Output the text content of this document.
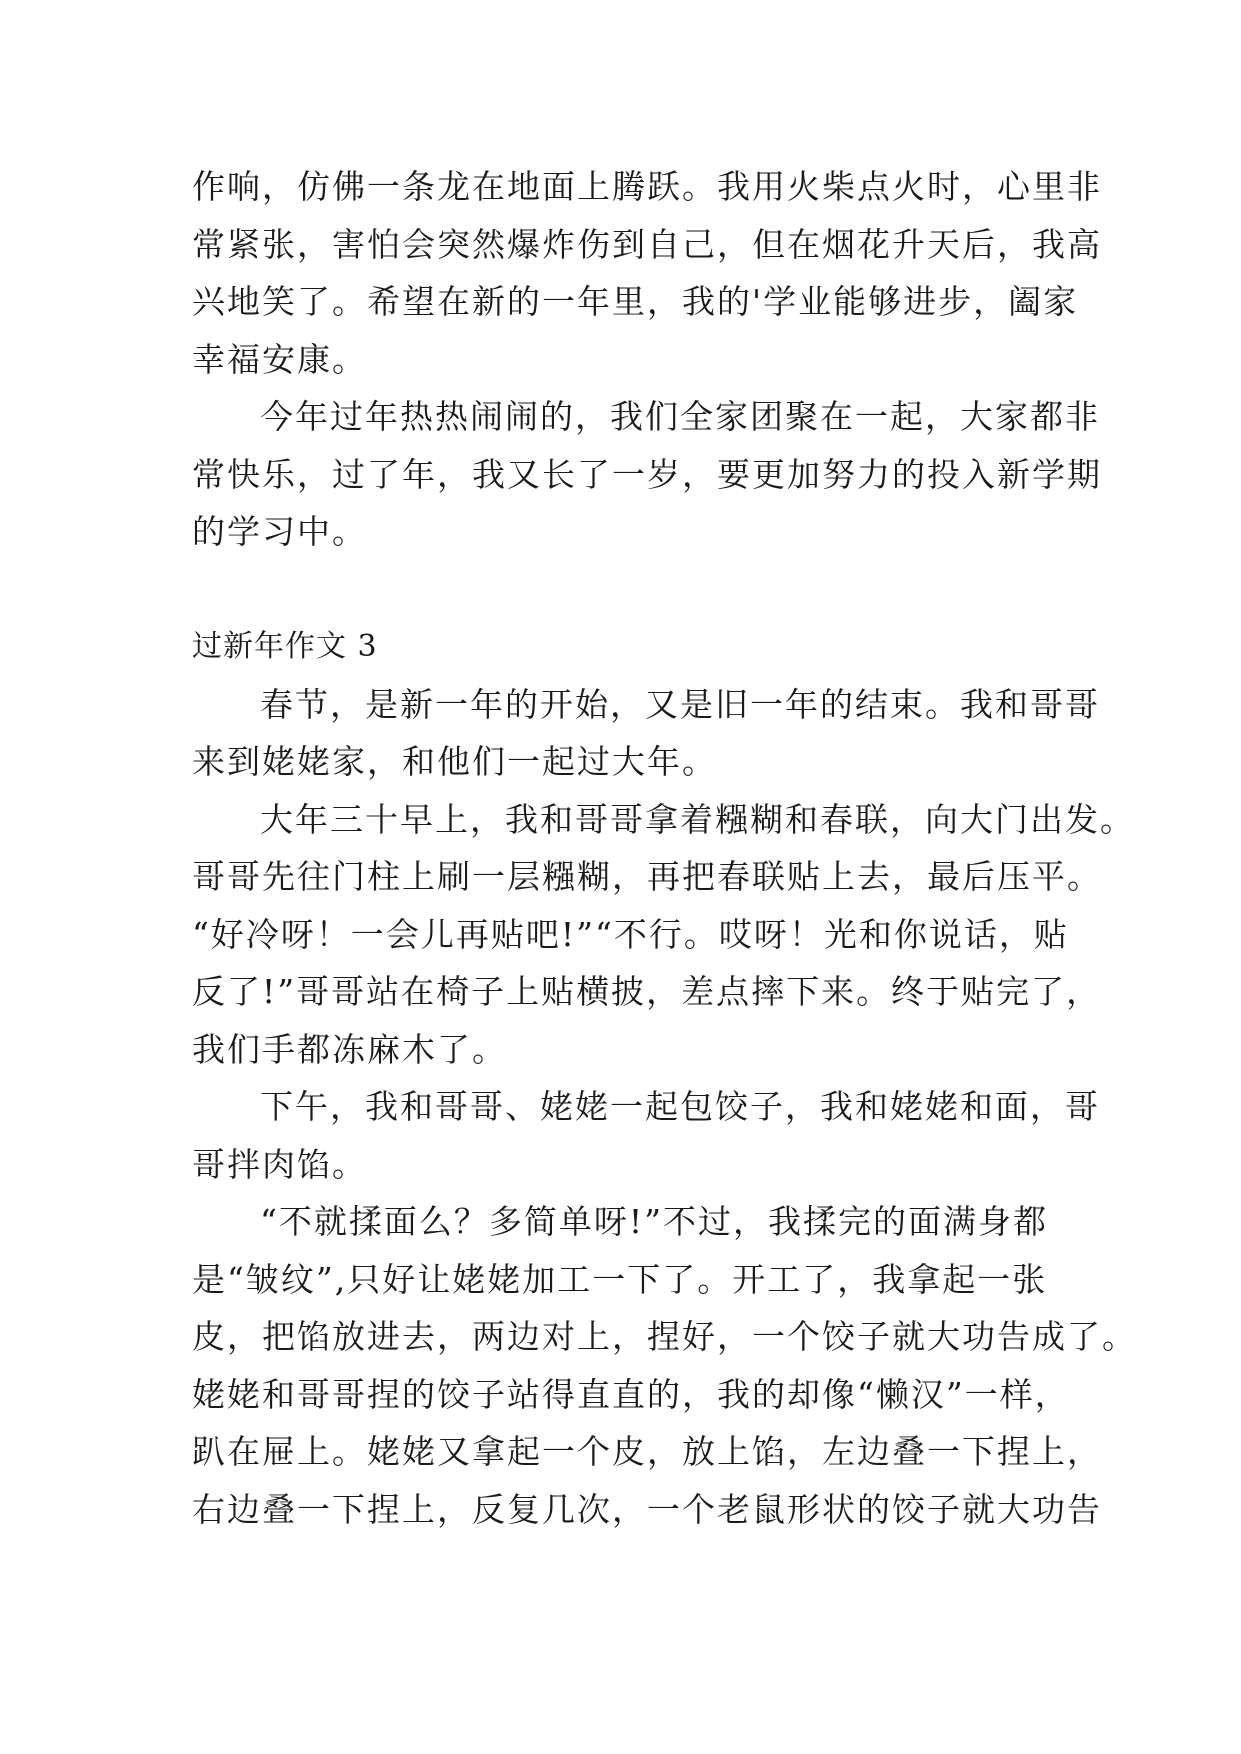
作响，仿佛一条龙在地面上腾跃。我用火柴点火时，心里非
常紧张，害怕会突然爆炸伤到自己，但在烟花升天后，我高
兴地笑了。希望在新的一年里，我的'学业能够进步，阖家
幸福安康。
今年过年热热闹闹的，我们全家团聚在一起，大家都非
常快乐，过了年，我又长了一岁，要更加努力的投入新学期
的学习中。
过新年作文 3
春节，是新一年的开始，又是旧一年的结束。我和哥哥
来到姥姥家，和他们一起过大年。
大年三十早上，我和哥哥拿着糨糊和春联，向大门出发。
哥哥先往门柱上刷一层糨糊，再把春联贴上去，最后压平。
“好冷呀！一会儿再贴吧!”“不行。哎呀！光和你说话，贴
反了!”哥哥站在椅子上贴横披，差点摔下来。终于贴完了，
我们手都冻麻木了。
下午，我和哥哥、姥姥一起包饺子，我和姥姥和面，哥
哥拌肉馅。
“不就揉面么？多简单呀!”不过，我揉完的面满身都
是“皱纹”,只好让姥姥加工一下了。开工了，我拿起一张
皮，把馅放进去，两边对上，捏好，一个饺子就大功告成了。
姥姥和哥哥捏的饺子站得直直的，我的却像“懒汉”一样，
趴在屉上。姥姥又拿起一个皮，放上馅，左边叠一下捏上，
右边叠一下捏上，反复几次，一个老鼠形状的饺子就大功告
